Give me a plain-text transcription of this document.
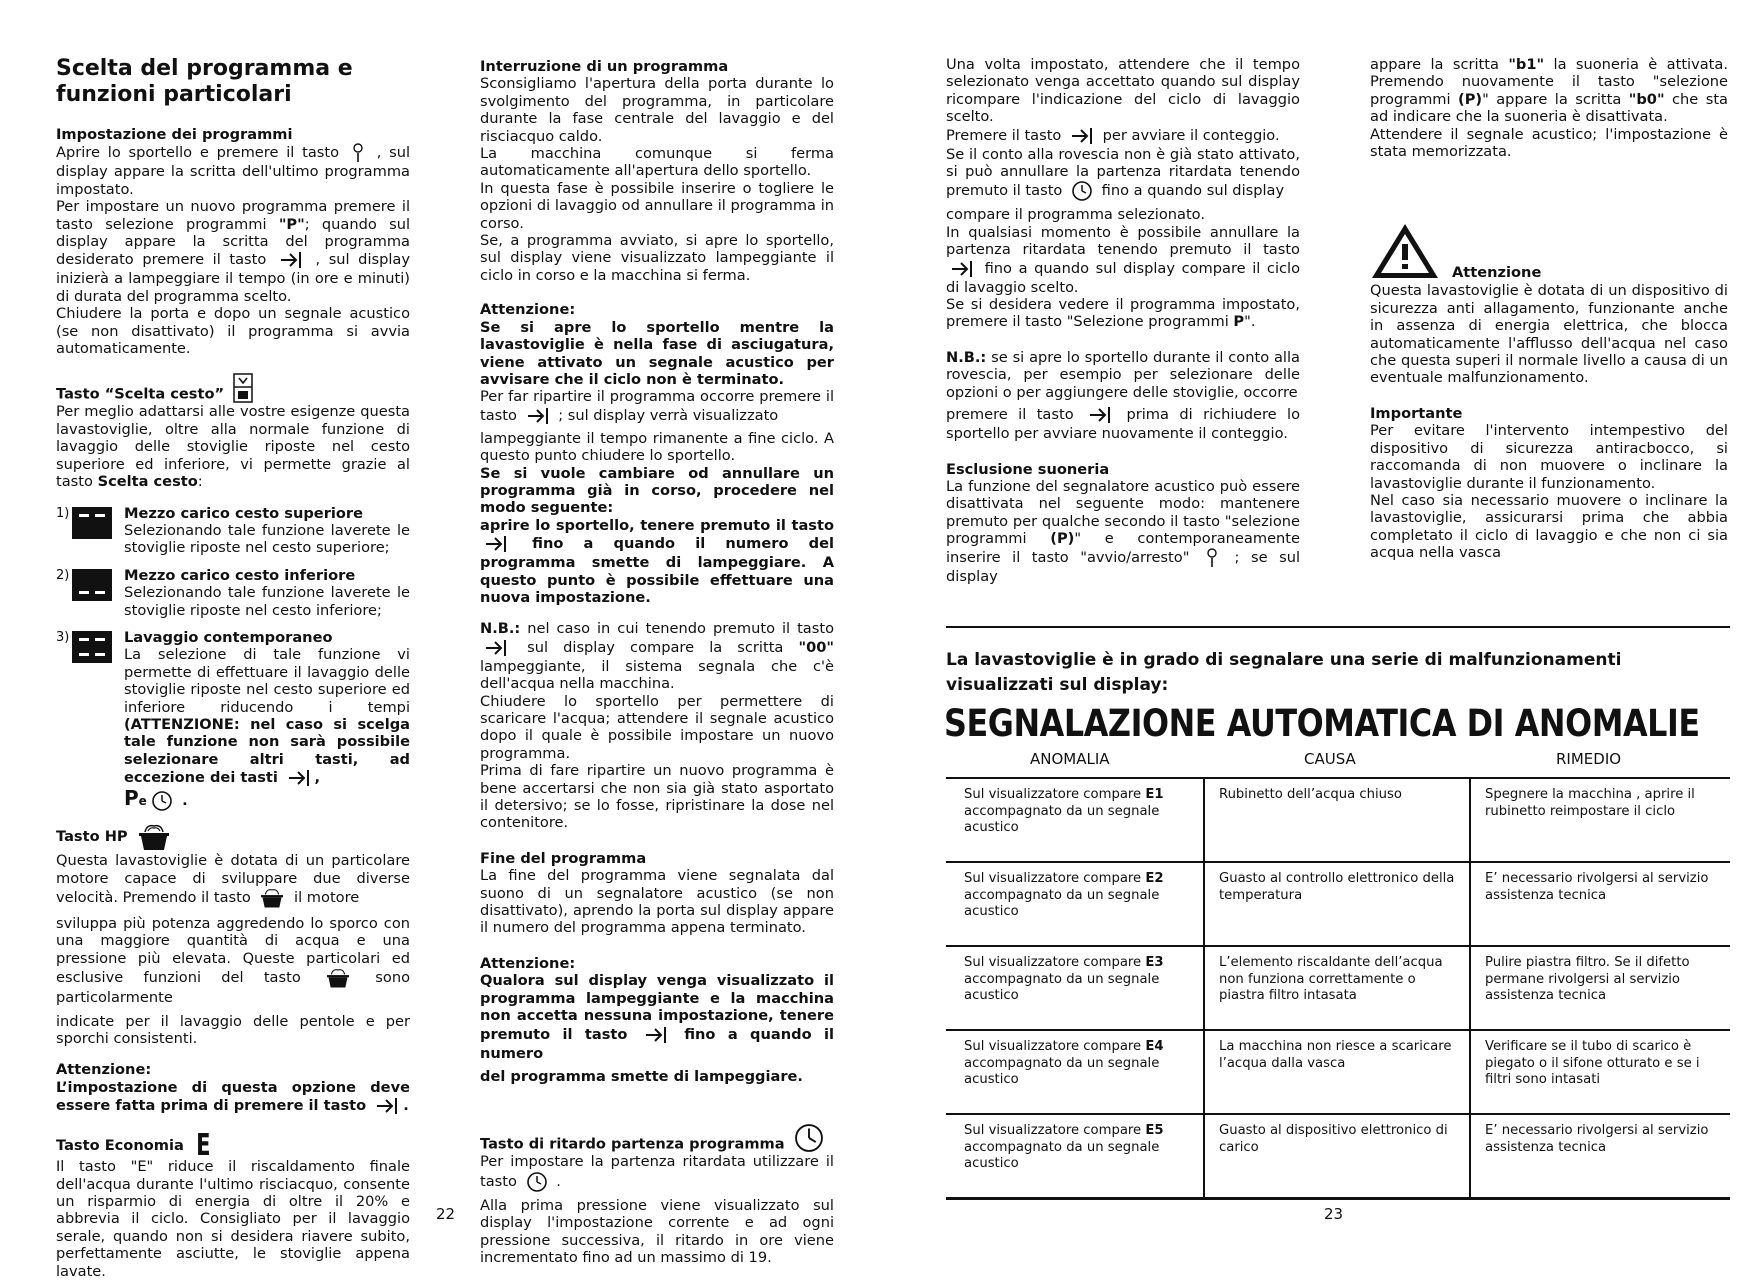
Scelta del programma e funzioni particolari
Impostazione dei programmi

Aprire lo sportello e premere il tasto	, sul display appare la scritta dell'ultimo programma impostato.

Per impostare un nuovo programma premere il tasto selezione programmi "P"; quando sul display appare la scritta del programma desiderato premere il tasto	, sul display inizierà a lampeggiare il tempo (in ore e minuti) di durata del programma scelto.

Chiudere la porta e dopo un segnale acustico (se non disattivato) il programma si avvia automaticamente.

Tasto “Scelta cesto”

Per meglio adattarsi alle vostre esigenze questa lavastoviglie, oltre alla normale funzione di lavaggio delle stoviglie riposte nel cesto superiore ed inferiore, vi permette grazie al tasto Scelta cesto:

1)	Mezzo carico cesto superiore

Selezionando tale funzione laverete le stoviglie riposte nel cesto superiore;

2)	Mezzo carico cesto inferiore

Selezionando tale funzione laverete le stoviglie riposte nel cesto inferiore;

3)	Lavaggio contemporaneo

La selezione di tale funzione vi permette di effettuare il lavaggio delle stoviglie riposte nel cesto superiore ed inferiore riducendo i tempi (ATTENZIONE: nel caso si scelga tale funzione non sarà possibile selezionare altri tasti, ad eccezione dei tasti	,

Pe .

Tasto HP

Questa lavastoviglie è dotata di un particolare motore capace di sviluppare due diverse velocità. Premendo il tasto	il motore

sviluppa più potenza aggredendo lo sporco con una maggiore quantità di acqua e una pressione più elevata. Queste particolari ed esclusive funzioni del tasto	sono particolarmente

indicate per il lavaggio delle pentole e per sporchi consistenti.

Attenzione:

L’impostazione di questa opzione deve essere fatta prima di premere il tasto	.

Tasto Economia E

Il tasto "E" riduce il riscaldamento finale dell'acqua durante l'ultimo risciacquo, consente un risparmio di energia di oltre il 20% e abbrevia il ciclo. Consigliato per il lavaggio serale, quando non si desidera riavere subito, perfettamente asciutte, le stoviglie appena lavate.

22
Interruzione di un programma

Sconsigliamo l'apertura della porta durante lo svolgimento del programma, in particolare durante la fase centrale del lavaggio e del risciacquo caldo.

La macchina comunque si ferma automaticamente all'apertura dello sportello.

In questa fase è possibile inserire o togliere le opzioni di lavaggio od annullare il programma in corso.

Se, a programma avviato, si apre lo sportello, sul display viene visualizzato lampeggiante il ciclo in corso e la macchina si ferma.

Attenzione:

Se si apre lo sportello mentre la lavastoviglie è nella fase di asciugatura, viene attivato un segnale acustico per avvisare che il ciclo non è terminato.

Per far ripartire il programma occorre premere il tasto	; sul display verrà visualizzato

lampeggiante il tempo rimanente a fine ciclo. A questo punto chiudere lo sportello.

Se si vuole cambiare od annullare un programma già in corso, procedere nel modo seguente:

aprire lo sportello, tenere premuto il tasto  fino a quando il numero del programma smette di lampeggiare. A questo punto è possibile effettuare una nuova impostazione.

N.B.: nel caso in cui tenendo premuto il tasto  sul display compare la scritta "00" lampeggiante, il sistema segnala che c'è dell'acqua nella macchina.

Chiudere lo sportello per permettere di scaricare l'acqua; attendere il segnale acustico dopo il quale è possibile impostare un nuovo programma.

Prima di fare ripartire un nuovo programma è bene accertarsi che non sia già stato asportato il detersivo; se lo fosse, ripristinare la dose nel contenitore.

Fine del programma

La fine del programma viene segnalata dal suono di un segnalatore acustico (se non disattivato), aprendo la porta sul display appare il numero del programma appena terminato.

Attenzione:

Qualora sul display venga visualizzato il programma lampeggiante e la macchina non accetta nessuna impostazione, tenere premuto il tasto	fino a quando il numero

del programma smette di lampeggiare.

Tasto di ritardo partenza programma

Per impostare la partenza ritardata utilizzare il tasto	.

Alla prima pressione viene visualizzato sul display l'impostazione corrente e ad ogni pressione successiva, il ritardo in ore viene incrementato fino ad un massimo di 19.

Una volta impostato, attendere che il tempo selezionato venga accettato quando sul display ricompare l'indicazione del ciclo di lavaggio scelto.

Premere il tasto	per avviare il conteggio.

Se il conto alla rovescia non è già stato attivato, si può annullare la partenza ritardata tenendo premuto il tasto	fino a quando sul display

compare il programma selezionato.

In qualsiasi momento è possibile annullare la partenza ritardata tenendo premuto il tasto  fino a quando sul display compare il ciclo di lavaggio scelto.

Se si desidera vedere il programma impostato, premere il tasto "Selezione programmi P".

N.B.: se si apre lo sportello durante il conto alla rovescia, per esempio per selezionare delle opzioni o per aggiungere delle stoviglie, occorre

premere il tasto	prima di richiudere lo sportello per avviare nuovamente il conteggio.

Esclusione suoneria

La funzione del segnalatore acustico può essere disattivata nel seguente modo: mantenere premuto per qualche secondo il tasto "selezione programmi (P)" e contemporaneamente inserire il tasto "avvio/arresto"	; se sul display

appare la scritta "b1" la suoneria è attivata. Premendo nuovamente il tasto "selezione programmi (P)" appare la scritta "b0" che sta ad indicare che la suoneria è disattivata.

Attendere il segnale acustico; l'impostazione è stata memorizzata.

Attenzione

Questa lavastoviglie è dotata di un dispositivo di sicurezza anti allagamento, funzionante anche in assenza di energia elettrica, che blocca automaticamente l'afflusso dell'acqua nel caso che questa superi il normale livello a causa di un eventuale malfunzionamento.

Importante

Per evitare l'intervento intempestivo del dispositivo di sicurezza antiracbocco, si raccomanda di non muovere o inclinare la lavastoviglie durante il funzionamento.

Nel caso sia necessario muovere o inclinare la lavastoviglie, assicurarsi prima che abbia completato il ciclo di lavaggio e che non ci sia acqua nella vasca

La lavastoviglie è in grado di segnalare una serie di malfunzionamenti visualizzati sul display:
SEGNALAZIONE AUTOMATICA DI ANOMALIE
ANOMALIA	CAUSA	RIMEDIO
Sul visualizzatore compare E1 accompagnato da un segnale acustico	Rubinetto dell’acqua chiuso	Spegnere la macchina , aprire il rubinetto reimpostare il ciclo
Sul visualizzatore compare E2 accompagnato da un segnale acustico	Guasto al controllo elettronico della temperatura	E’ necessario rivolgersi al servizio assistenza tecnica
Sul visualizzatore compare E3 accompagnato da un segnale acustico	L’elemento riscaldante dell’acqua non funziona correttamente o piastra filtro intasata	Pulire piastra filtro. Se il difetto permane rivolgersi al servizio assistenza tecnica
Sul visualizzatore compare E4 accompagnato da un segnale acustico	La macchina non riesce a scaricare l’acqua dalla vasca	Verificare se il tubo di scarico è piegato o il sifone otturato e se i filtri sono intasati
Sul visualizzatore compare E5 accompagnato da un segnale acustico	Guasto al dispositivo elettronico di carico	E’ necessario rivolgersi al servizio assistenza tecnica
23
